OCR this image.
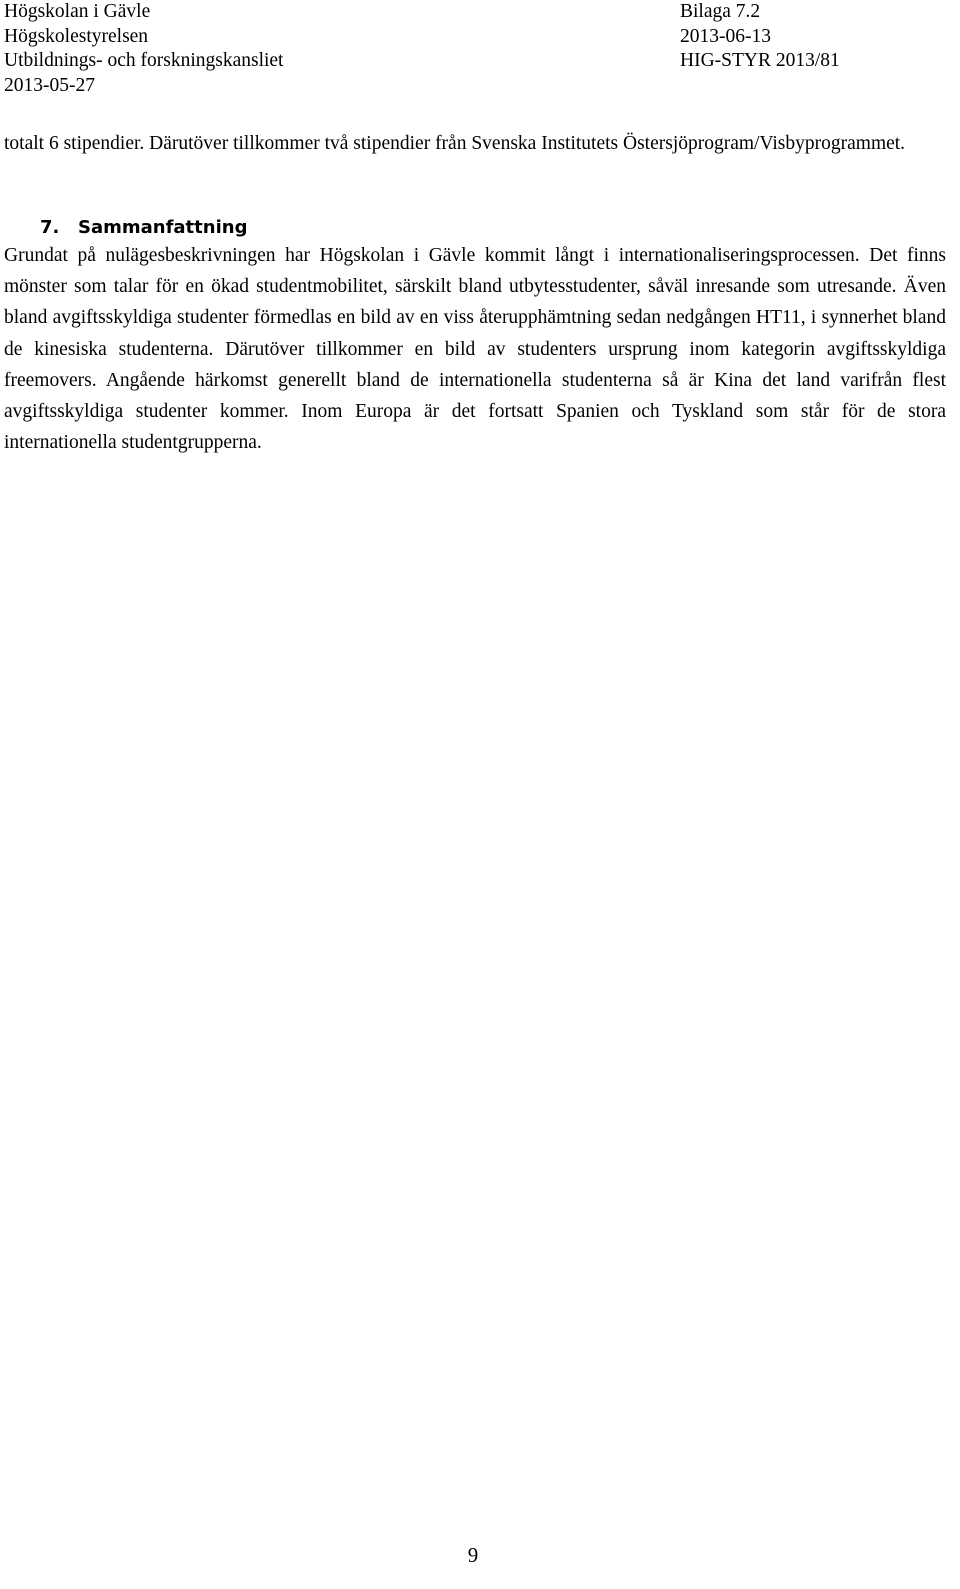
Högskolan i Gävle	Bilaga 7.2
Högskolestyrelsen	2013-06-13
Utbildnings- och forskningskansliet	HIG-STYR 2013/81
2013-05-27

totalt 6 stipendier. Därutöver tillkommer två stipendier från Svenska Institutets Östersjöprogram/Visbyprogrammet.

7. Sammanfattning

Grundat på nulägesbeskrivningen har Högskolan i Gävle kommit långt i internationaliseringsprocessen. Det finns mönster som talar för en ökad studentmobilitet, särskilt bland utbytesstudenter, såväl inresande som utresande. Även bland avgiftsskyldiga studenter förmedlas en bild av en viss återupphämtning sedan nedgången HT11, i synnerhet bland de kinesiska studenterna. Därutöver tillkommer en bild av studenters ursprung inom kategorin avgiftsskyldiga freemovers. Angående härkomst generellt bland de internationella studenterna så är Kina det land varifrån flest avgiftsskyldiga studenter kommer. Inom Europa är det fortsatt Spanien och Tyskland som står för de stora internationella studentgrupperna.

9
